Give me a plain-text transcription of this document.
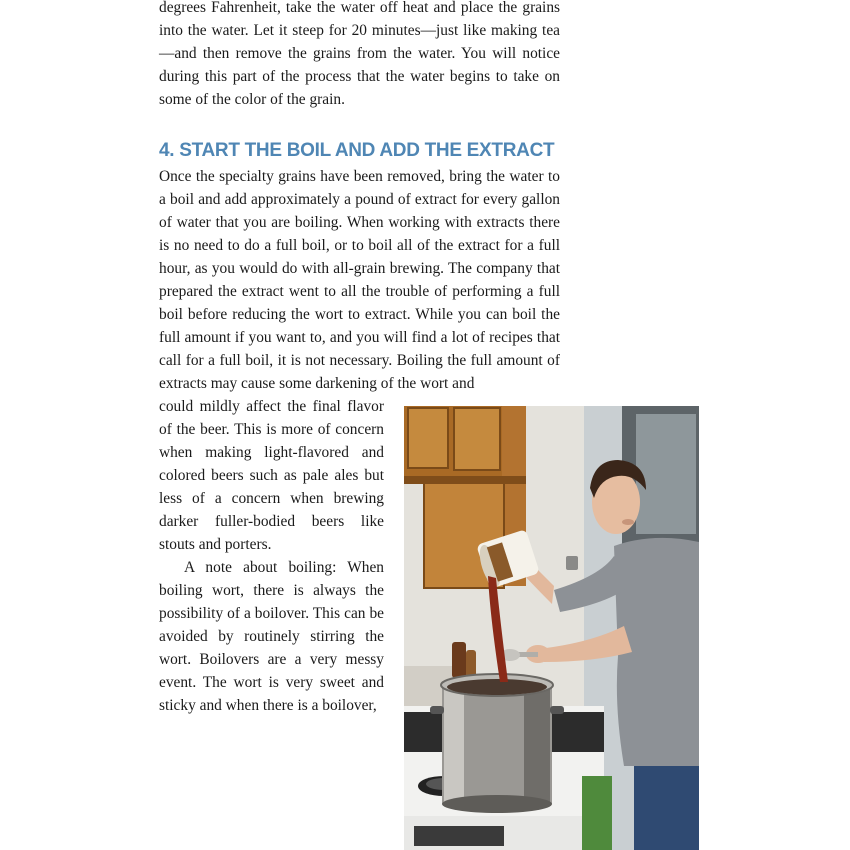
degrees Fahrenheit, take the water off heat and place the grains into the water. Let it steep for 20 minutes—just like making tea—and then remove the grains from the water. You will notice during this part of the process that the water begins to take on some of the color of the grain.

4. START THE BOIL AND ADD THE EXTRACT

Once the specialty grains have been removed, bring the water to a boil and add approximately a pound of extract for every gallon of water that you are boiling. When working with extracts there is no need to do a full boil, or to boil all of the extract for a full hour, as you would do with all-grain brewing. The company that prepared the extract went to all the trouble of performing a full boil before reducing the wort to extract. While you can boil the full amount if you want to, and you will find a lot of recipes that call for a full boil, it is not necessary. Boiling the full amount of extracts may cause some darkening of the wort and

could mildly affect the final flavor of the beer. This is more of concern when making light-flavored and colored beers such as pale ales but less of a concern when brewing darker fuller-bodied beers like stouts and porters.

A note about boiling: When boiling wort, there is always the possibility of a boilover. This can be avoided by routinely stirring the wort. Boilovers are a very messy event. The wort is very sweet and sticky and when there is a boilover,
